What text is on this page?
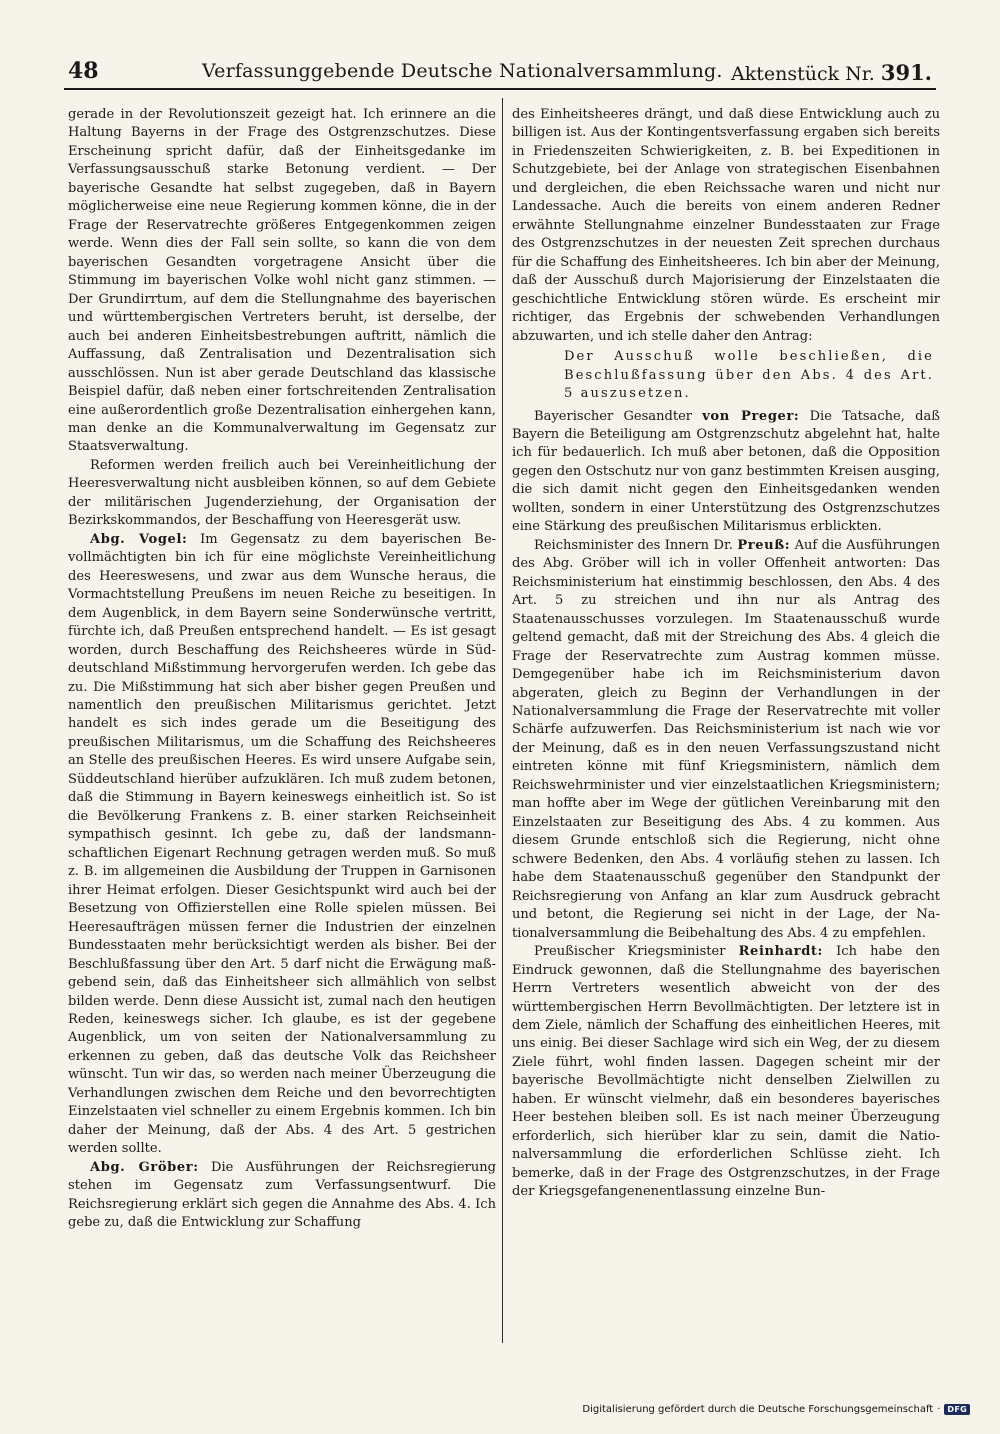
48	Verfassunggebende Deutsche Nationalversammlung. Aktenstück Nr. 391.

gerade in der Revolutionszeit gezeigt hat. Ich erinnere an die Haltung Bayerns in der Frage des Ostgrenzschutzes. Diese Erscheinung spricht dafür, daß der Einheitsgedanke im Verfassungsausschuß starke Betonung verdient. — Der bayerische Gesandte hat selbst zugegeben, daß in Bayern möglicherweise eine neue Regierung kommen könne, die in der Frage der Reservatrechte größeres Entgegenkommen zeigen werde. Wenn dies der Fall sein sollte, so kann die von dem bayerischen Gesandten vorgetragene Ansicht über die Stimmung im bayerischen Volke wohl nicht ganz stimmen. — Der Grundirrtum, auf dem die Stellungnahme des bayerischen und württembergischen Vertreters beruht, ist derselbe, der auch bei anderen Einheitsbestrebungen auftritt, nämlich die Auffassung, daß Zentralisation und Dezentralisation sich ausschlössen. Nun ist aber gerade Deutschland das klassische Beispiel dafür, daß neben einer fortschreitenden Zentralisation eine außerordentlich große Dezentralisation einhergehen kann, man denke an die Kommunalverwaltung im Gegensatz zur Staatsverwaltung.

Reformen werden freilich auch bei Vereinheitlichung der Heeresverwaltung nicht ausbleiben können, so auf dem Gebiete der militärischen Jugenderziehung, der Organisation der Bezirkskommandos, der Beschaffung von Heeresgerät usw.

Abg. Vogel: Im Gegensatz zu dem bayerischen Bevollmächtigten bin ich für eine möglichste Vereinheitlichung des Heereswesens, und zwar aus dem Wunsche heraus, die Vormachtstellung Preußens im neuen Reiche zu beseitigen. In dem Augenblick, in dem Bayern seine Sonderwünsche vertritt, fürchte ich, daß Preußen entsprechend handelt. — Es ist gesagt worden, durch Beschaffung des Reichsheeres würde in Süddeutschland Mißstimmung hervorgerufen werden. Ich gebe das zu. Die Mißstimmung hat sich aber bisher gegen Preußen und namentlich den preußischen Militarismus gerichtet. Jetzt handelt es sich indes gerade um die Beseitigung des preußischen Militarismus, um die Schaffung des Reichsheeres an Stelle des preußischen Heeres. Es wird unsere Aufgabe sein, Süddeutschland hierüber aufzuklären. Ich muß zudem betonen, daß die Stimmung in Bayern keineswegs einheitlich ist. So ist die Bevölkerung Frankens z. B. einer starken Reichseinheit sympathisch gesinnt. Ich gebe zu, daß der landsmannschaftlichen Eigenart Rechnung getragen werden muß. So muß z. B. im allgemeinen die Ausbildung der Truppen in Garnisonen ihrer Heimat erfolgen. Dieser Gesichtspunkt wird auch bei der Besetzung von Offizierstellen eine Rolle spielen müssen. Bei Heeresaufträgen müssen ferner die Industrien der einzelnen Bundesstaaten mehr berücksichtigt werden als bisher. Bei der Beschlußfassung über den Art. 5 darf nicht die Erwägung maßgebend sein, daß das Einheitsheer sich allmählich von selbst bilden werde. Denn diese Aussicht ist, zumal nach den heutigen Reden, keineswegs sicher. Ich glaube, es ist der gegebene Augenblick, um von seiten der Nationalversammlung zu erkennen zu geben, daß das deutsche Volk das Reichsheer wünscht. Tun wir das, so werden nach meiner Überzeugung die Verhandlungen zwischen dem Reiche und den bevorrechtigten Einzelstaaten viel schneller zu einem Ergebnis kommen. Ich bin daher der Meinung, daß der Abs. 4 des Art. 5 gestrichen werden sollte.

Abg. Gröber: Die Ausführungen der Reichsregierung stehen im Gegensatz zum Verfassungsentwurf. Die Reichsregierung erklärt sich gegen die Annahme des Abs. 4. Ich gebe zu, daß die Entwicklung zur Schaffung

des Einheitsheeres drängt, und daß diese Entwicklung auch zu billigen ist. Aus der Kontingentsverfassung ergaben sich bereits in Friedenszeiten Schwierigkeiten, z. B. bei Expeditionen in Schutzgebiete, bei der Anlage von strategischen Eisenbahnen und dergleichen, die eben Reichssache waren und nicht nur Landessache. Auch die bereits von einem anderen Redner erwähnte Stellungnahme einzelner Bundesstaaten zur Frage des Ostgrenzschutzes in der neuesten Zeit sprechen durchaus für die Schaffung des Einheitsheeres. Ich bin aber der Meinung, daß der Ausschuß durch Majorisierung der Einzelstaaten die geschichtliche Entwicklung stören würde. Es erscheint mir richtiger, das Ergebnis der schwebenden Verhandlungen abzuwarten, und ich stelle daher den Antrag:

Der Ausschuß wolle beschließen, die Beschlußfassung über den Abs. 4 des Art. 5 auszusetzen.

Bayerischer Gesandter von Preger: Die Tatsache, daß Bayern die Beteiligung am Ostgrenzschutz abgelehnt hat, halte ich für bedauerlich. Ich muß aber betonen, daß die Opposition gegen den Ostschutz nur von ganz bestimmten Kreisen ausging, die sich damit nicht gegen den Einheitsgedanken wenden wollten, sondern in einer Unterstützung des Ostgrenzschutzes eine Stärkung des preußischen Militarismus erblickten.

Reichsminister des Innern Dr. Preuß: Auf die Ausführungen des Abg. Gröber will ich in voller Offenheit antworten: Das Reichsministerium hat einstimmig beschlossen, den Abs. 4 des Art. 5 zu streichen und ihn nur als Antrag des Staatenausschusses vorzulegen. Im Staatenausschuß wurde geltend gemacht, daß mit der Streichung des Abs. 4 gleich die Frage der Reservatrechte zum Austrag kommen müsse. Demgegenüber habe ich im Reichsministerium davon abgeraten, gleich zu Beginn der Verhandlungen in der Nationalversammlung die Frage der Reservatrechte mit voller Schärfe aufzuwerfen. Das Reichsministerium ist nach wie vor der Meinung, daß es in den neuen Verfassungszustand nicht eintreten könne mit fünf Kriegsministern, nämlich dem Reichswehrminister und vier einzelstaatlichen Kriegsministern; man hoffte aber im Wege der gütlichen Vereinbarung mit den Einzelstaaten zur Beseitigung des Abs. 4 zu kommen. Aus diesem Grunde entschloß sich die Regierung, nicht ohne schwere Bedenken, den Abs. 4 vorläufig stehen zu lassen. Ich habe dem Staatenausschuß gegenüber den Standpunkt der Reichsregierung von Anfang an klar zum Ausdruck gebracht und betont, die Regierung sei nicht in der Lage, der Nationalversammlung die Beibehaltung des Abs. 4 zu empfehlen.

Preußischer Kriegsminister Reinhardt: Ich habe den Eindruck gewonnen, daß die Stellungnahme des bayerischen Herrn Vertreters wesentlich abweicht von der des württembergischen Herrn Bevollmächtigten. Der letztere ist in dem Ziele, nämlich der Schaffung des einheitlichen Heeres, mit uns einig. Bei dieser Sachlage wird sich ein Weg, der zu diesem Ziele führt, wohl finden lassen. Dagegen scheint mir der bayerische Bevollmächtigte nicht denselben Zielwillen zu haben. Er wünscht vielmehr, daß ein besonderes bayerisches Heer bestehen bleiben soll. Es ist nach meiner Überzeugung erforderlich, sich hierüber klar zu sein, damit die Nationalversammlung die erforderlichen Schlüsse zieht. Ich bemerke, daß in der Frage des Ostgrenzschutzes, in der Frage der Kriegsgefangenenentlassung einzelne Bun-

Digitalisierung gefördert durch die Deutsche Forschungsgemeinschaft · DFG
